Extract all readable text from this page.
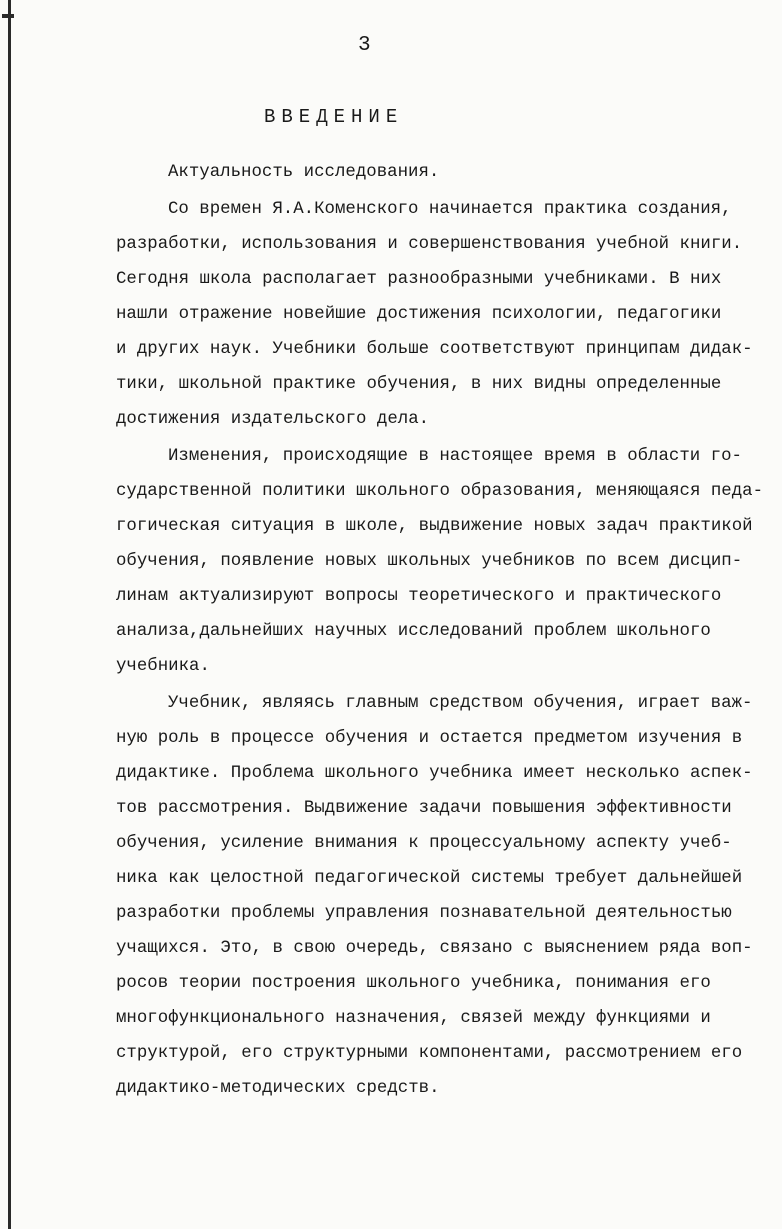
3
ВВЕДЕНИЕ
Актуальность исследования.
Со времен Я.А.Коменского начинается практика создания,
разработки, использования и совершенствования учебной книги.
Сегодня школа располагает разнообразными учебниками. В них
нашли отражение новейшие достижения психологии, педагогики
и других наук. Учебники больше соответствуют принципам дидак-
тики, школьной практике обучения, в них видны определенные
достижения издательского дела.
Изменения, происходящие в настоящее время в области го-
сударственной политики школьного образования, меняющаяся педа-
гогическая ситуация в школе, выдвижение новых задач практикой
обучения, появление новых школьных учебников по всем дисцип-
линам актуализируют вопросы теоретического и практического
анализа,дальнейших научных исследований проблем школьного
учебника.
Учебник, являясь главным средством обучения, играет важ-
ную роль в процессе обучения и остается предметом изучения в
дидактике. Проблема школьного учебника имеет несколько аспек-
тов рассмотрения. Выдвижение задачи повышения эффективности
обучения, усиление внимания к процессуальному аспекту учеб-
ника как целостной педагогической системы требует дальнейшей
разработки проблемы управления познавательной деятельностью
учащихся. Это, в свою очередь, связано с выяснением ряда воп-
росов теории построения школьного учебника, понимания его
многофункционального назначения, связей между функциями и
структурой, его структурными компонентами, рассмотрением его
дидактико-методических средств.
